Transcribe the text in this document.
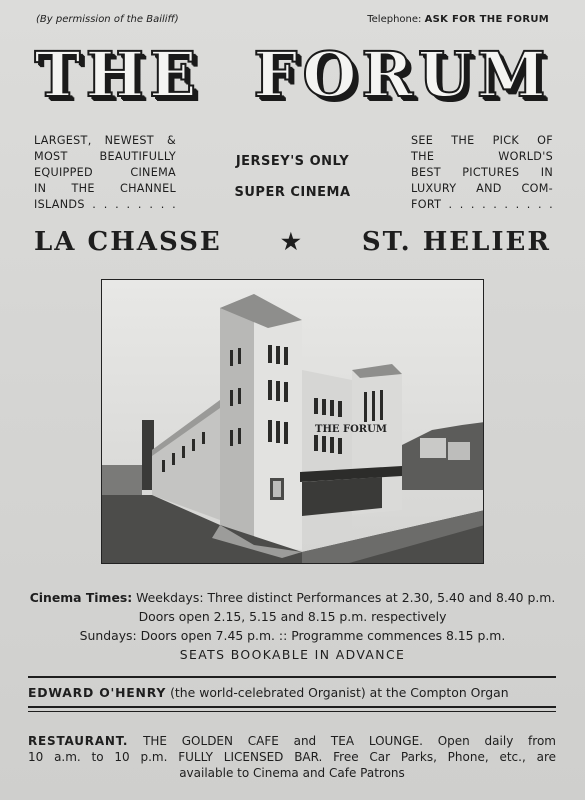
(By permission of the Bailiff)	Telephone: ASK FOR THE FORUM
THE FORUM
LARGEST, NEWEST &
MOST BEAUTIFULLY
EQUIPPED CINEMA
IN THE CHANNEL
ISLANDS . . . . . . . .
JERSEY'S ONLY
SUPER CINEMA
SEE THE PICK OF
THE WORLD'S
BEST PICTURES IN
LUXURY AND COM-
FORT . . . . . . . . . .
LA CHASSE	★ ST. HELIER
THE FORUM
Cinema Times: Weekdays: Three distinct Performances at 2.30, 5.40 and 8.40 p.m.
Doors open 2.15, 5.15 and 8.15 p.m. respectively
Sundays: Doors open 7.45 p.m. :: Programme commences 8.15 p.m.
SEATS BOOKABLE IN ADVANCE
EDWARD O'HENRY (the world-celebrated Organist) at the Compton Organ
RESTAURANT. THE GOLDEN CAFE and TEA LOUNGE. Open daily from
10 a.m. to 10 p.m. FULLY LICENSED BAR. Free Car Parks, Phone, etc., are
available to Cinema and Cafe Patrons
